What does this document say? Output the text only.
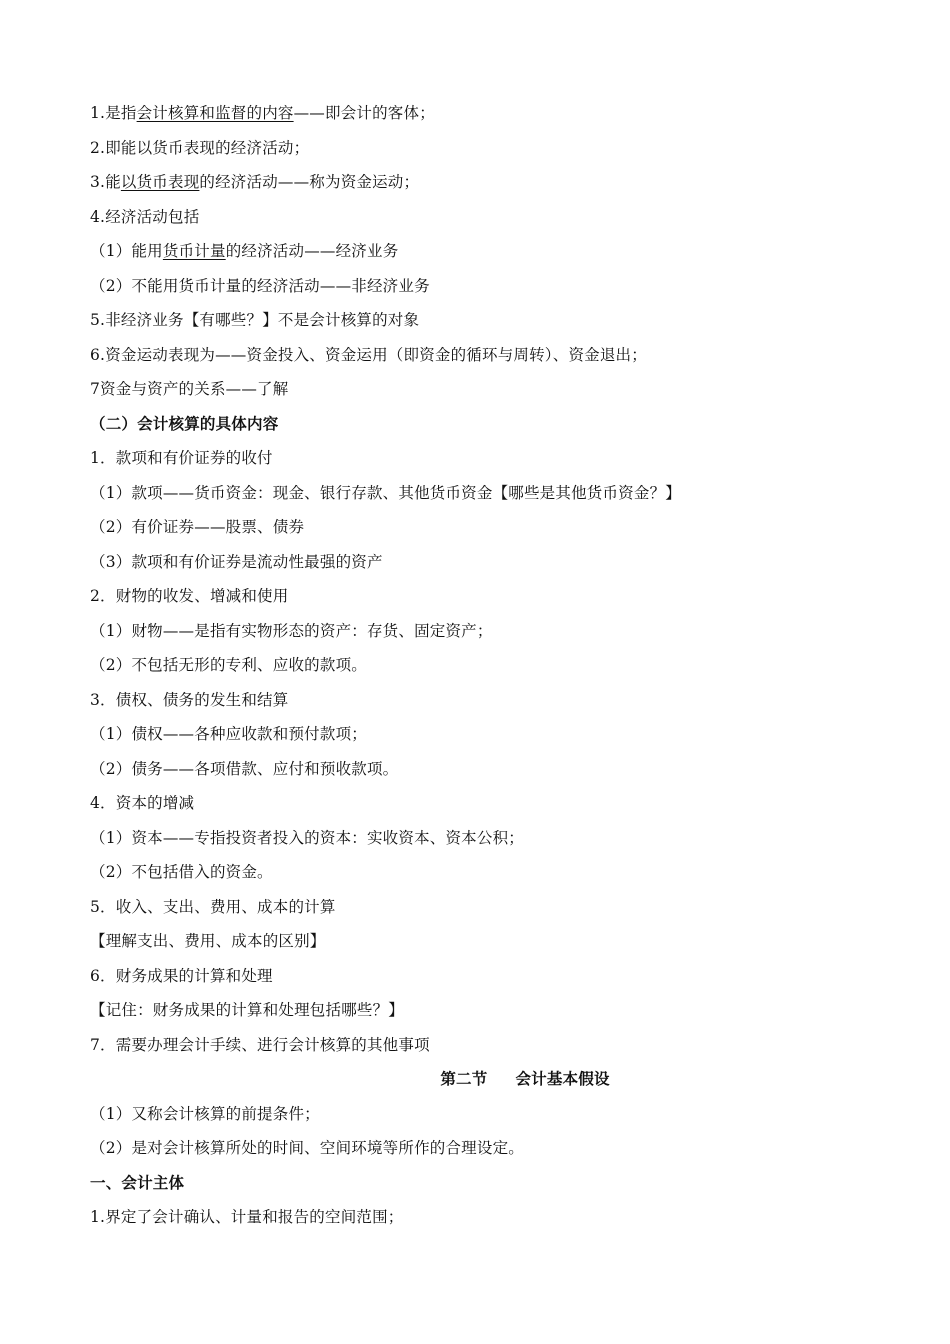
1.是指会计核算和监督的内容——即会计的客体；
2.即能以货币表现的经济活动；
3.能以货币表现的经济活动——称为资金运动；
4.经济活动包括
（1）能用货币计量的经济活动——经济业务
（2）不能用货币计量的经济活动——非经济业务
5.非经济业务【有哪些？】不是会计核算的对象
6.资金运动表现为——资金投入、资金运用（即资金的循环与周转）、资金退出；
7资金与资产的关系——了解
（二）会计核算的具体内容
1．款项和有价证券的收付
（1）款项——货币资金：现金、银行存款、其他货币资金【哪些是其他货币资金？】
（2）有价证券——股票、债券
（3）款项和有价证券是流动性最强的资产
2．财物的收发、增减和使用
（1）财物——是指有实物形态的资产：存货、固定资产；
（2）不包括无形的专利、应收的款项。
3．债权、债务的发生和结算
（1）债权——各种应收款和预付款项；
（2）债务——各项借款、应付和预收款项。
4．资本的增减
（1）资本——专指投资者投入的资本：实收资本、资本公积；
（2）不包括借入的资金。
5．收入、支出、费用、成本的计算
【理解支出、费用、成本的区别】
6．财务成果的计算和处理
【记住：财务成果的计算和处理包括哪些？】
7．需要办理会计手续、进行会计核算的其他事项
第二节 会计基本假设
（1）又称会计核算的前提条件；
（2）是对会计核算所处的时间、空间环境等所作的合理设定。
一、会计主体
1.界定了会计确认、计量和报告的空间范围；
